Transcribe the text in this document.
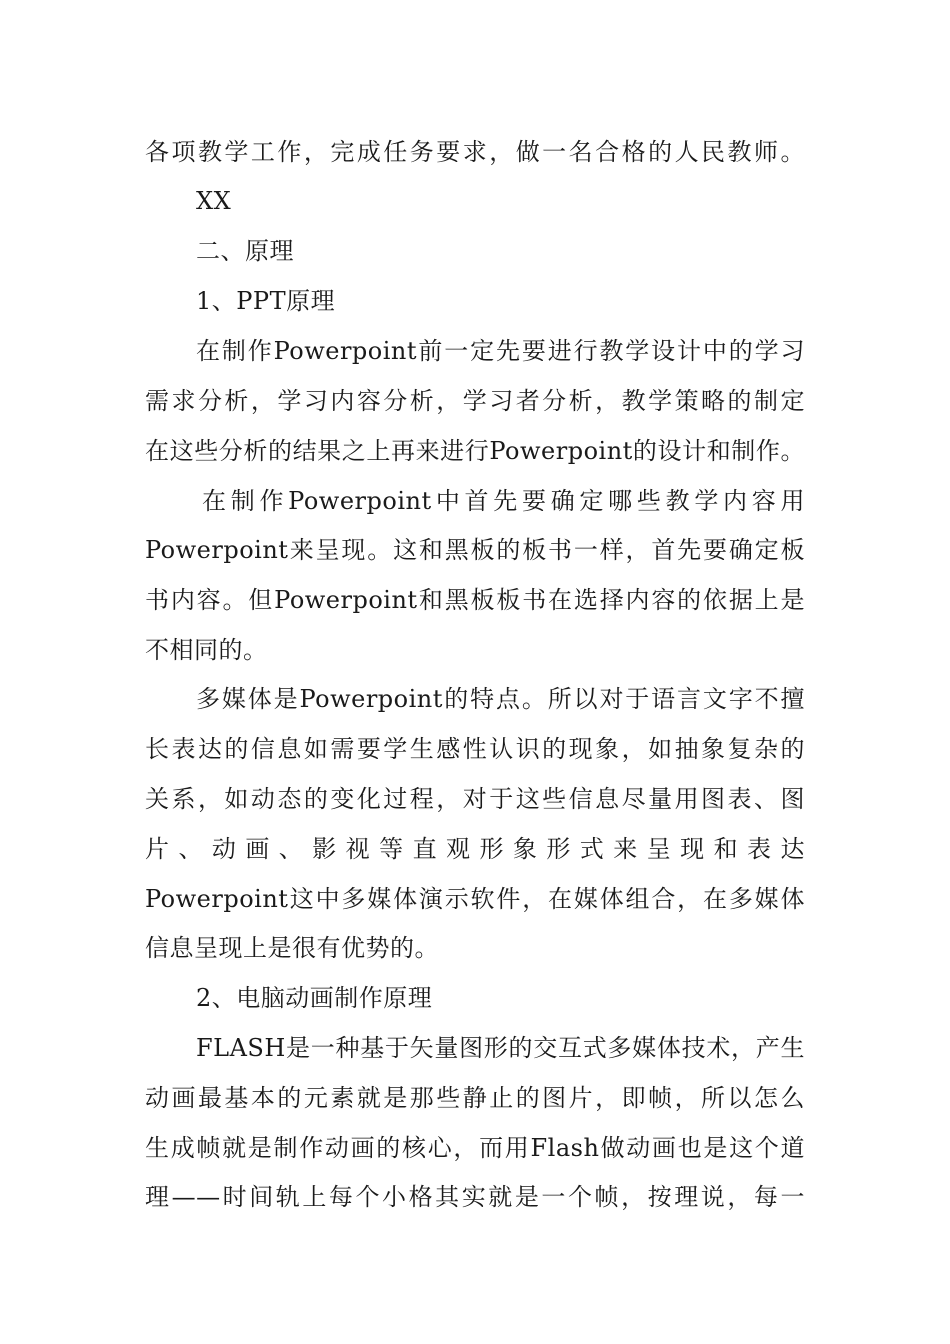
各项教学工作，完成任务要求，做一名合格的人民教师。
XX
二、原理
1、PPT原理
在制作Powerpoint前一定先要进行教学设计中的学习
需求分析，学习内容分析，学习者分析，教学策略的制定
在这些分析的结果之上再来进行Powerpoint的设计和制作。
在制作Powerpoint中首先要确定哪些教学内容用
Powerpoint来呈现。这和黑板的板书一样，首先要确定板
书内容。但Powerpoint和黑板板书在选择内容的依据上是
不相同的。
多媒体是Powerpoint的特点。所以对于语言文字不擅
长表达的信息如需要学生感性认识的现象，如抽象复杂的
关系，如动态的变化过程，对于这些信息尽量用图表、图
片 、 动 画 、 影 视 等 直 观 形 象 形 式 来 呈 现 和 表 达
Powerpoint这中多媒体演示软件，在媒体组合，在多媒体
信息呈现上是很有优势的。
2、电脑动画制作原理
FLASH是一种基于矢量图形的交互式多媒体技术，产生
动画最基本的元素就是那些静止的图片，即帧，所以怎么
生成帧就是制作动画的核心，而用Flash做动画也是这个道
理——时间轨上每个小格其实就是一个帧，按理说，每一
